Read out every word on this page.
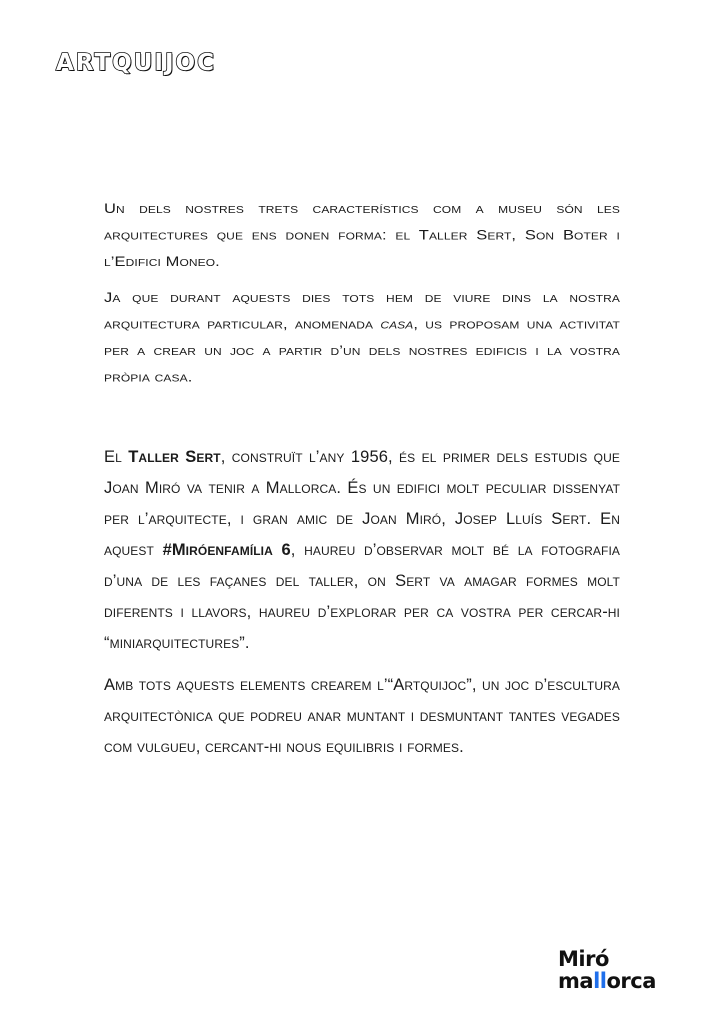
ARTQUIJOC

Un dels nostres trets característics com a museu són les arquitectures que ens donen forma: el Taller Sert, Son Boter i l’Edifici Moneo.

Ja que durant aquests dies tots hem de viure dins la nostra arquitectura particular, anomenada casa, us proposam una activitat per a crear un joc a partir d’un dels nostres edificis i la vostra pròpia casa.

El Taller Sert, construït l’any 1956, és el primer dels estudis que Joan Miró va tenir a Mallorca. És un edifici molt peculiar dissenyat per l’arquitecte, i gran amic de Joan Miró, Josep Lluís Sert. En aquest #Miróenfamília 6, haureu d’observar molt bé la fotografia d’una de les façanes del taller, on Sert va amagar formes molt diferents i llavors, haureu d’explorar per ca vostra per cercar-hi “miniarquitectures”.

Amb tots aquests elements crearem l’“Artquijoc”, un joc d’escultura arquitectònica que podreu anar muntant i desmuntant tantes vegades com vulgueu, cercant-hi nous equilibris i formes.

Miró
mallorca
